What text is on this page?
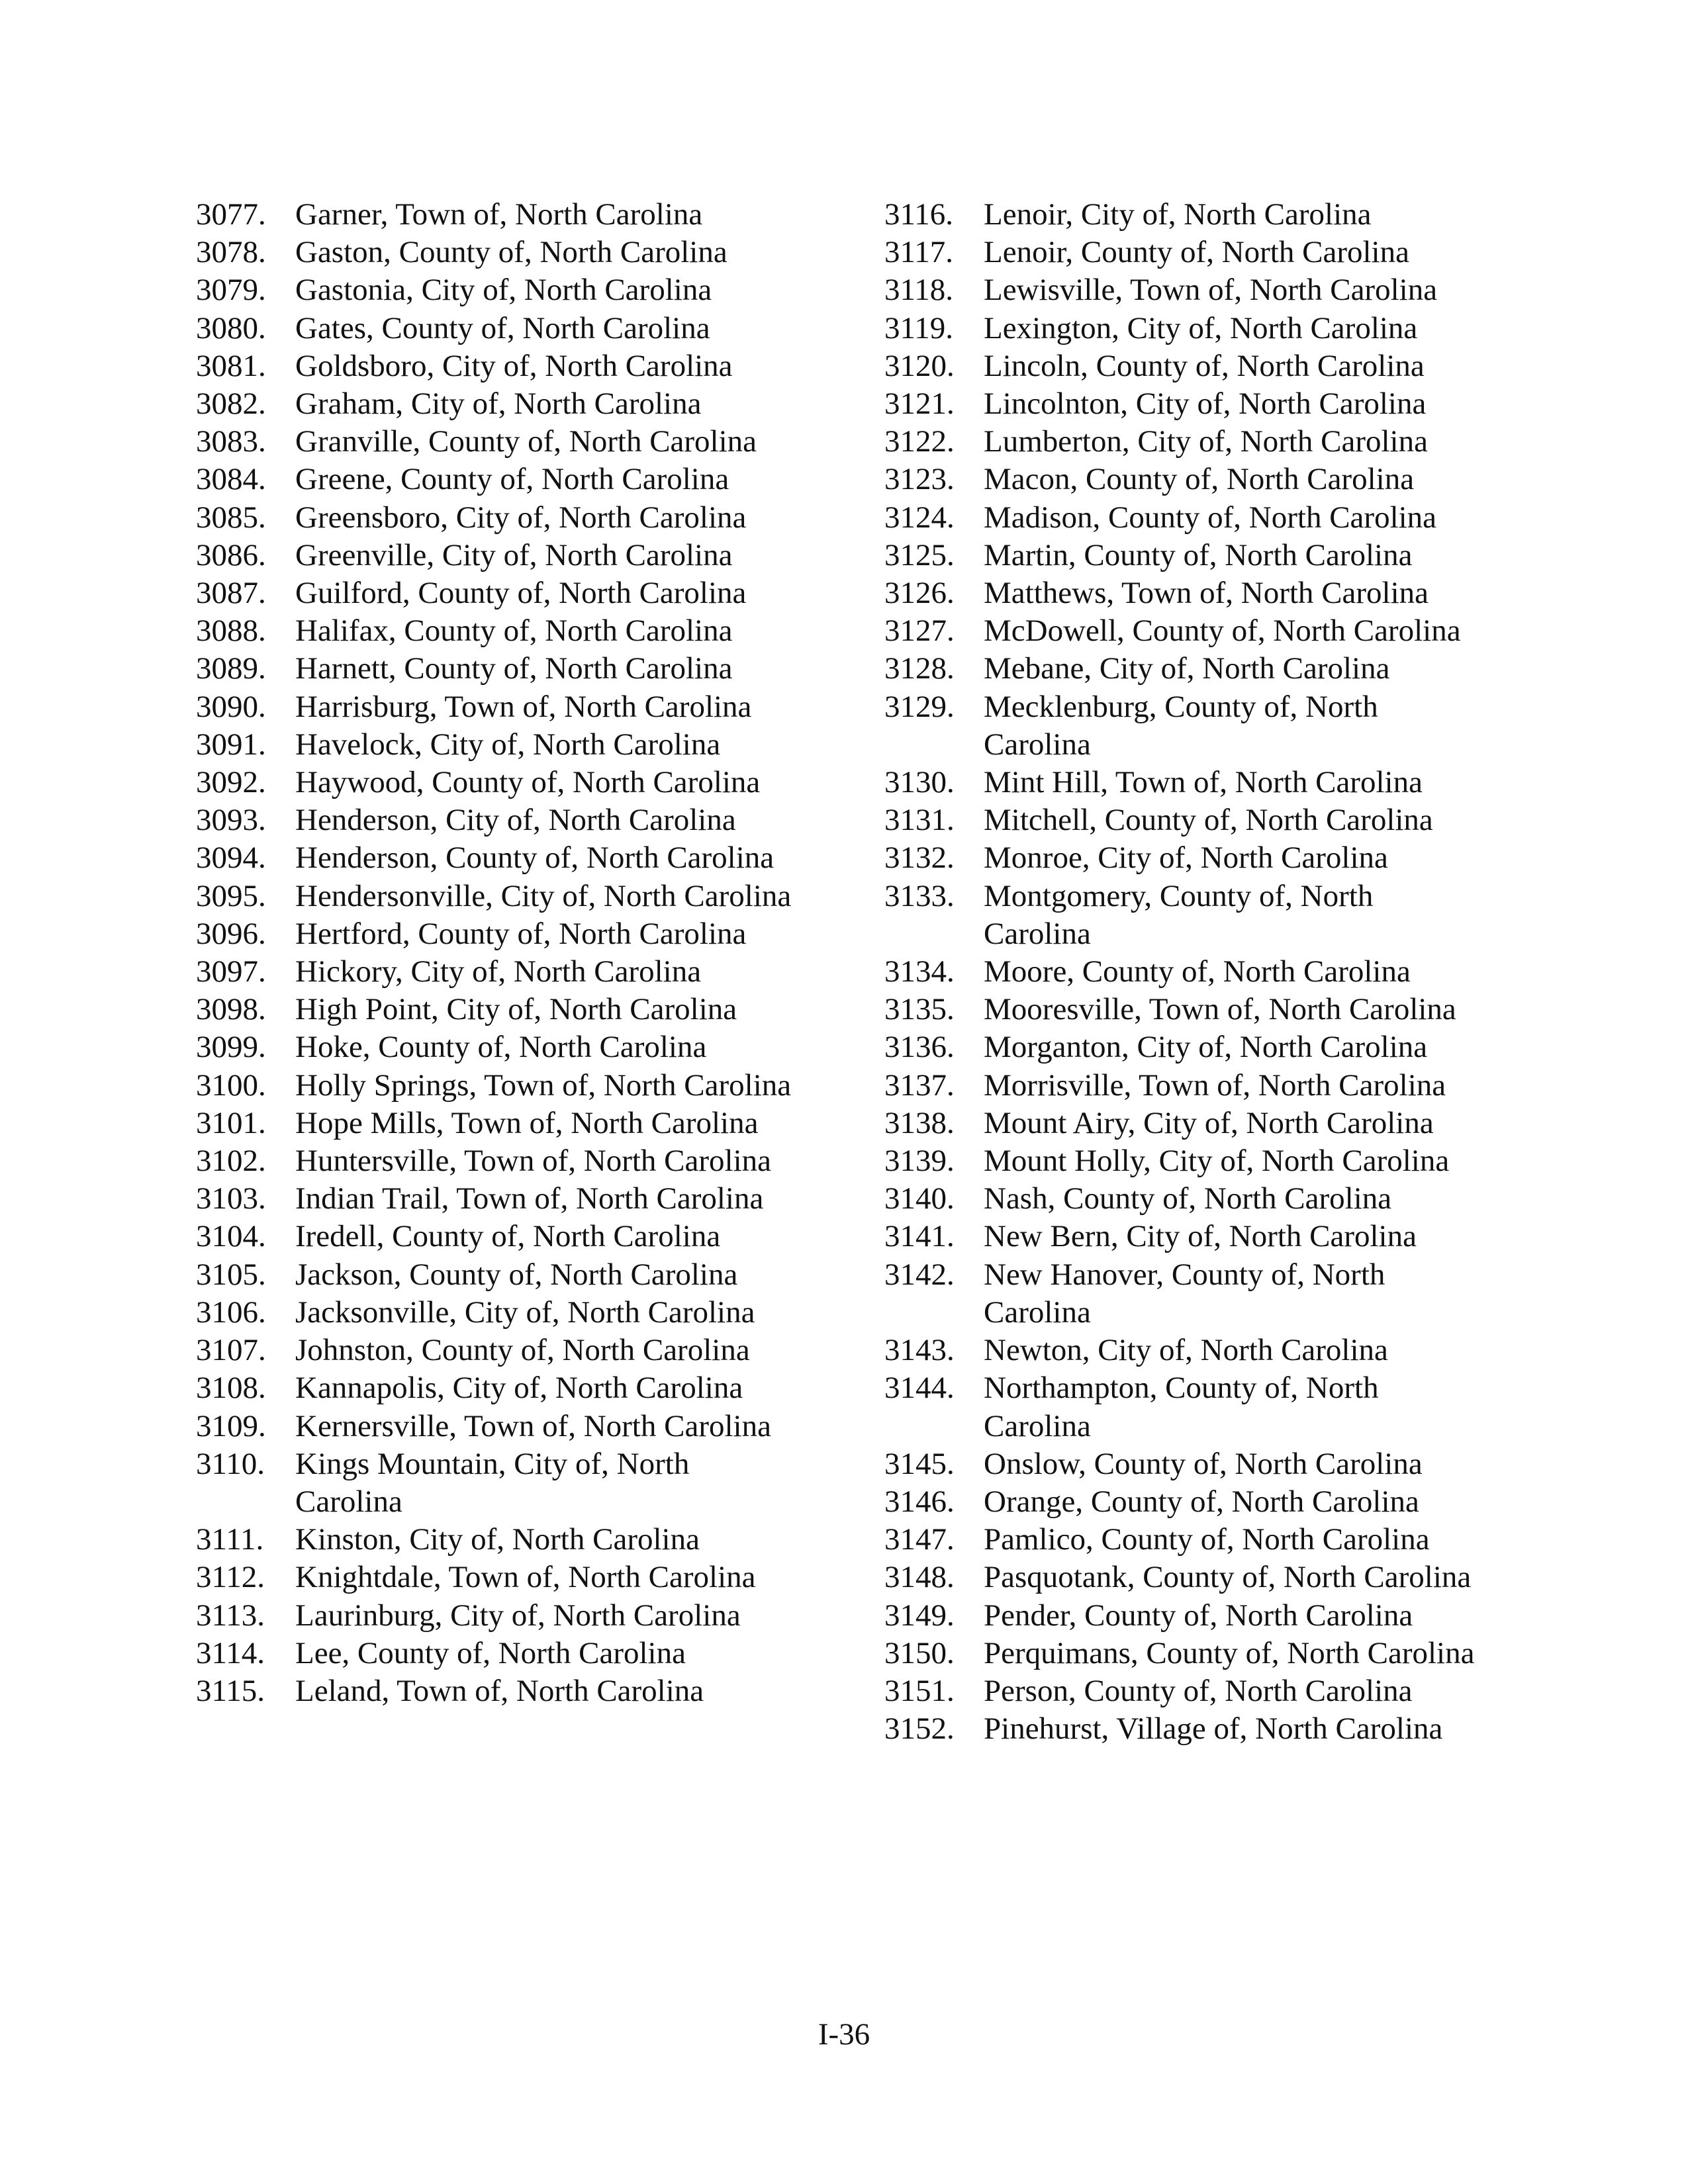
3077. Garner, Town of, North Carolina
3078. Gaston, County of, North Carolina
3079. Gastonia, City of, North Carolina
3080. Gates, County of, North Carolina
3081. Goldsboro, City of, North Carolina
3082. Graham, City of, North Carolina
3083. Granville, County of, North Carolina
3084. Greene, County of, North Carolina
3085. Greensboro, City of, North Carolina
3086. Greenville, City of, North Carolina
3087. Guilford, County of, North Carolina
3088. Halifax, County of, North Carolina
3089. Harnett, County of, North Carolina
3090. Harrisburg, Town of, North Carolina
3091. Havelock, City of, North Carolina
3092. Haywood, County of, North Carolina
3093. Henderson, City of, North Carolina
3094. Henderson, County of, North Carolina
3095. Hendersonville, City of, North Carolina
3096. Hertford, County of, North Carolina
3097. Hickory, City of, North Carolina
3098. High Point, City of, North Carolina
3099. Hoke, County of, North Carolina
3100. Holly Springs, Town of, North Carolina
3101. Hope Mills, Town of, North Carolina
3102. Huntersville, Town of, North Carolina
3103. Indian Trail, Town of, North Carolina
3104. Iredell, County of, North Carolina
3105. Jackson, County of, North Carolina
3106. Jacksonville, City of, North Carolina
3107. Johnston, County of, North Carolina
3108. Kannapolis, City of, North Carolina
3109. Kernersville, Town of, North Carolina
3110. Kings Mountain, City of, North Carolina
3111.	Kinston, City of, North Carolina
3112. Knightdale, Town of, North Carolina
3113. Laurinburg, City of, North Carolina
3114. Lee, County of, North Carolina
3115. Leland, Town of, North Carolina
3116. Lenoir, City of, North Carolina
3117. Lenoir, County of, North Carolina
3118. Lewisville, Town of, North Carolina
3119. Lexington, City of, North Carolina
3120. Lincoln, County of, North Carolina
3121. Lincolnton, City of, North Carolina
3122. Lumberton, City of, North Carolina
3123. Macon, County of, North Carolina
3124. Madison, County of, North Carolina
3125. Martin, County of, North Carolina
3126. Matthews, Town of, North Carolina
3127. McDowell, County of, North Carolina
3128. Mebane, City of, North Carolina
3129. Mecklenburg, County of, North Carolina
3130. Mint Hill, Town of, North Carolina
3131. Mitchell, County of, North Carolina
3132. Monroe, City of, North Carolina
3133. Montgomery, County of, North Carolina
3134. Moore, County of, North Carolina
3135. Mooresville, Town of, North Carolina
3136. Morganton, City of, North Carolina
3137. Morrisville, Town of, North Carolina
3138. Mount Airy, City of, North Carolina
3139. Mount Holly, City of, North Carolina
3140. Nash, County of, North Carolina
3141. New Bern, City of, North Carolina
3142. New Hanover, County of, North Carolina
3143. Newton, City of, North Carolina
3144. Northampton, County of, North Carolina
3145. Onslow, County of, North Carolina
3146. Orange, County of, North Carolina
3147. Pamlico, County of, North Carolina
3148. Pasquotank, County of, North Carolina
3149. Pender, County of, North Carolina
3150. Perquimans, County of, North Carolina
3151. Person, County of, North Carolina
3152. Pinehurst, Village of, North Carolina
I-36
